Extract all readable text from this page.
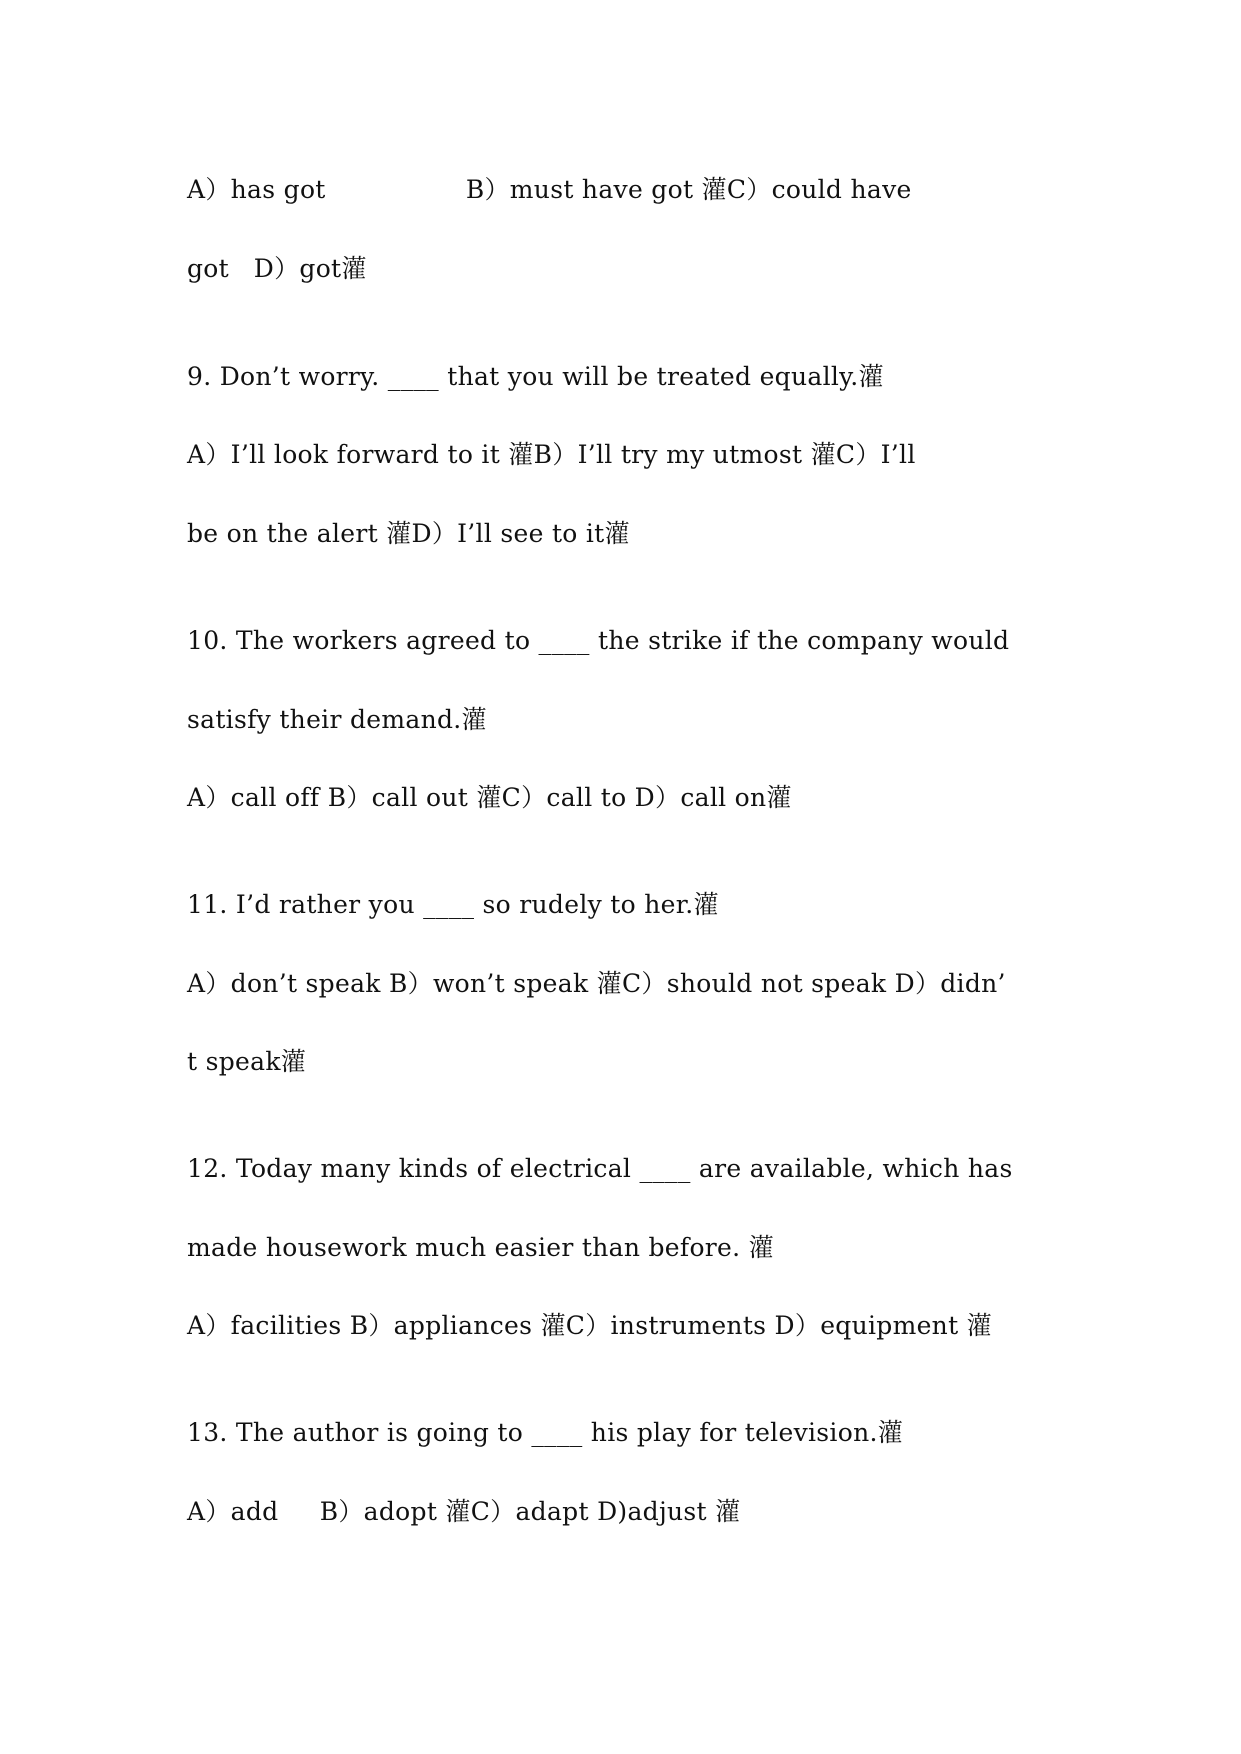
A）has got                 B）must have got 灌C）could have
got   D）got灌
9. Don’t worry. ____ that you will be treated equally.灌
A）I’ll look forward to it 灌B）I’ll try my utmost 灌C）I’ll
be on the alert 灌D）I’ll see to it灌
10. The workers agreed to ____ the strike if the company would
satisfy their demand.灌
A）call off B）call out 灌C）call to D）call on灌
11. I’d rather you ____ so rudely to her.灌
A）don’t speak B）won’t speak 灌C）should not speak D）didn’
t speak灌
12. Today many kinds of electrical ____ are available, which has
made housework much easier than before. 灌
A）facilities B）appliances 灌C）instruments D）equipment 灌
13. The author is going to ____ his play for television.灌
A）add     B）adopt 灌C）adapt D)adjust 灌
